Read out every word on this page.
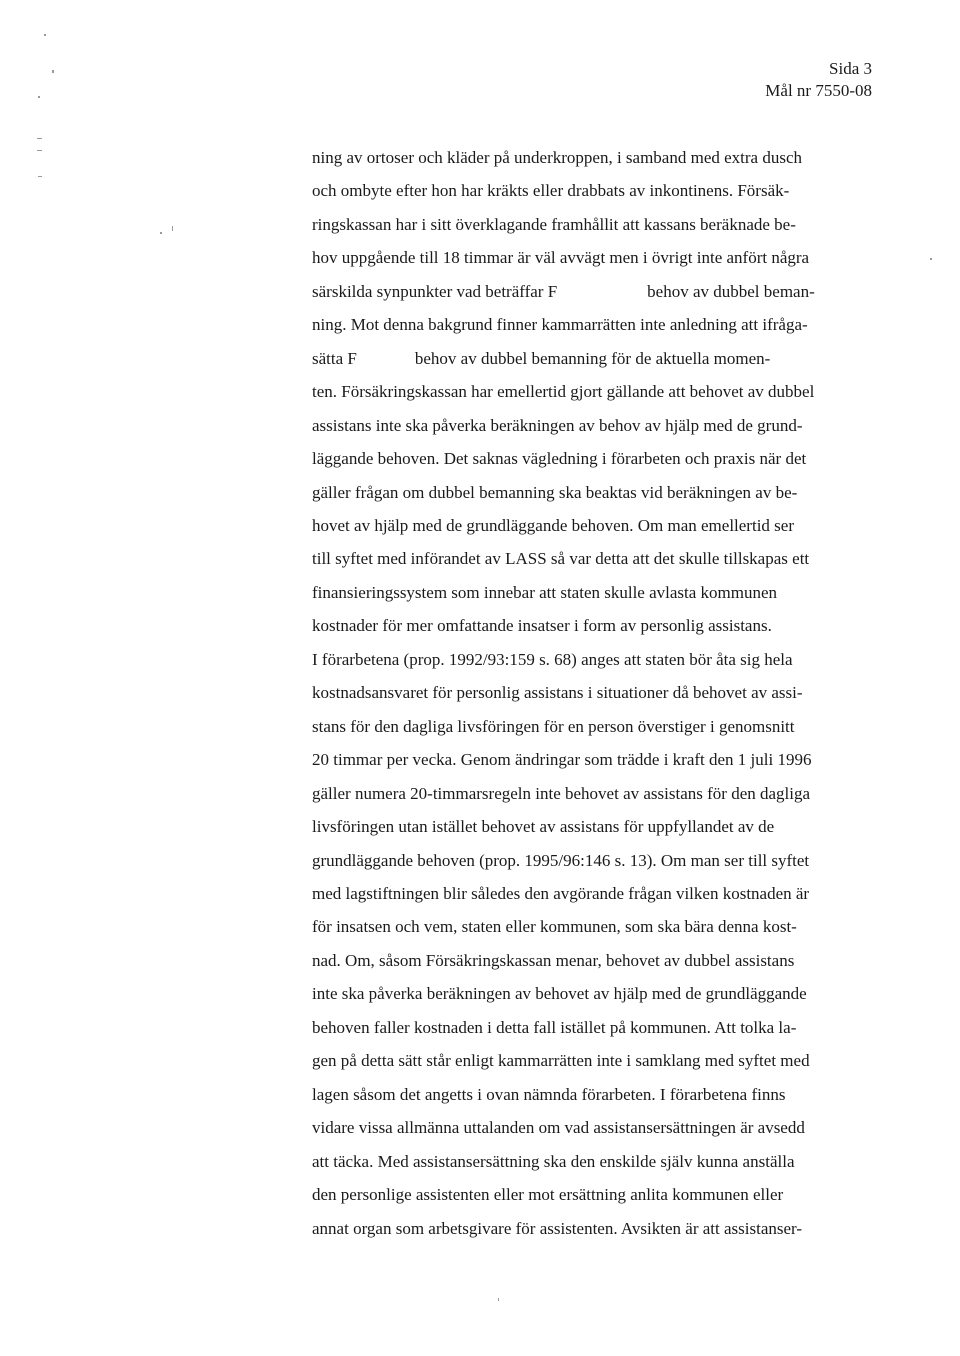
Sida 3
Mål nr 7550-08
ning av ortoser och kläder på underkroppen, i samband med extra dusch
och ombyte efter hon har kräkts eller drabbats av inkontinens. Försäk-
ringskassan har i sitt överklagande framhållit att kassans beräknade be-
hov uppgående till 18 timmar är väl avvägt men i övrigt inte anfört några
särskilda synpunkter vad beträffar F	behov av dubbel beman-
ning. Mot denna bakgrund finner kammarrätten inte anledning att ifråga-
sätta F	behov av dubbel bemanning för de aktuella momen-
ten. Försäkringskassan har emellertid gjort gällande att behovet av dubbel
assistans inte ska påverka beräkningen av behov av hjälp med de grund-
läggande behoven. Det saknas vägledning i förarbeten och praxis när det
gäller frågan om dubbel bemanning ska beaktas vid beräkningen av be-
hovet av hjälp med de grundläggande behoven. Om man emellertid ser
till syftet med införandet av LASS så var detta att det skulle tillskapas ett
finansieringssystem som innebar att staten skulle avlasta kommunen
kostnader för mer omfattande insatser i form av personlig assistans.
I förarbetena (prop. 1992/93:159 s. 68) anges att staten bör åta sig hela
kostnadsansvaret för personlig assistans i situationer då behovet av assi-
stans för den dagliga livsföringen för en person överstiger i genomsnitt
20 timmar per vecka. Genom ändringar som trädde i kraft den 1 juli 1996
gäller numera 20-timmarsregeln inte behovet av assistans för den dagliga
livsföringen utan istället behovet av assistans för uppfyllandet av de
grundläggande behoven (prop. 1995/96:146 s. 13). Om man ser till syftet
med lagstiftningen blir således den avgörande frågan vilken kostnaden är
för insatsen och vem, staten eller kommunen, som ska bära denna kost-
nad. Om, såsom Försäkringskassan menar, behovet av dubbel assistans
inte ska påverka beräkningen av behovet av hjälp med de grundläggande
behoven faller kostnaden i detta fall istället på kommunen. Att tolka la-
gen på detta sätt står enligt kammarrätten inte i samklang med syftet med
lagen såsom det angetts i ovan nämnda förarbeten. I förarbetena finns
vidare vissa allmänna uttalanden om vad assistansersättningen är avsedd
att täcka. Med assistansersättning ska den enskilde själv kunna anställa
den personlige assistenten eller mot ersättning anlita kommunen eller
annat organ som arbetsgivare för assistenten. Avsikten är att assistanser-
